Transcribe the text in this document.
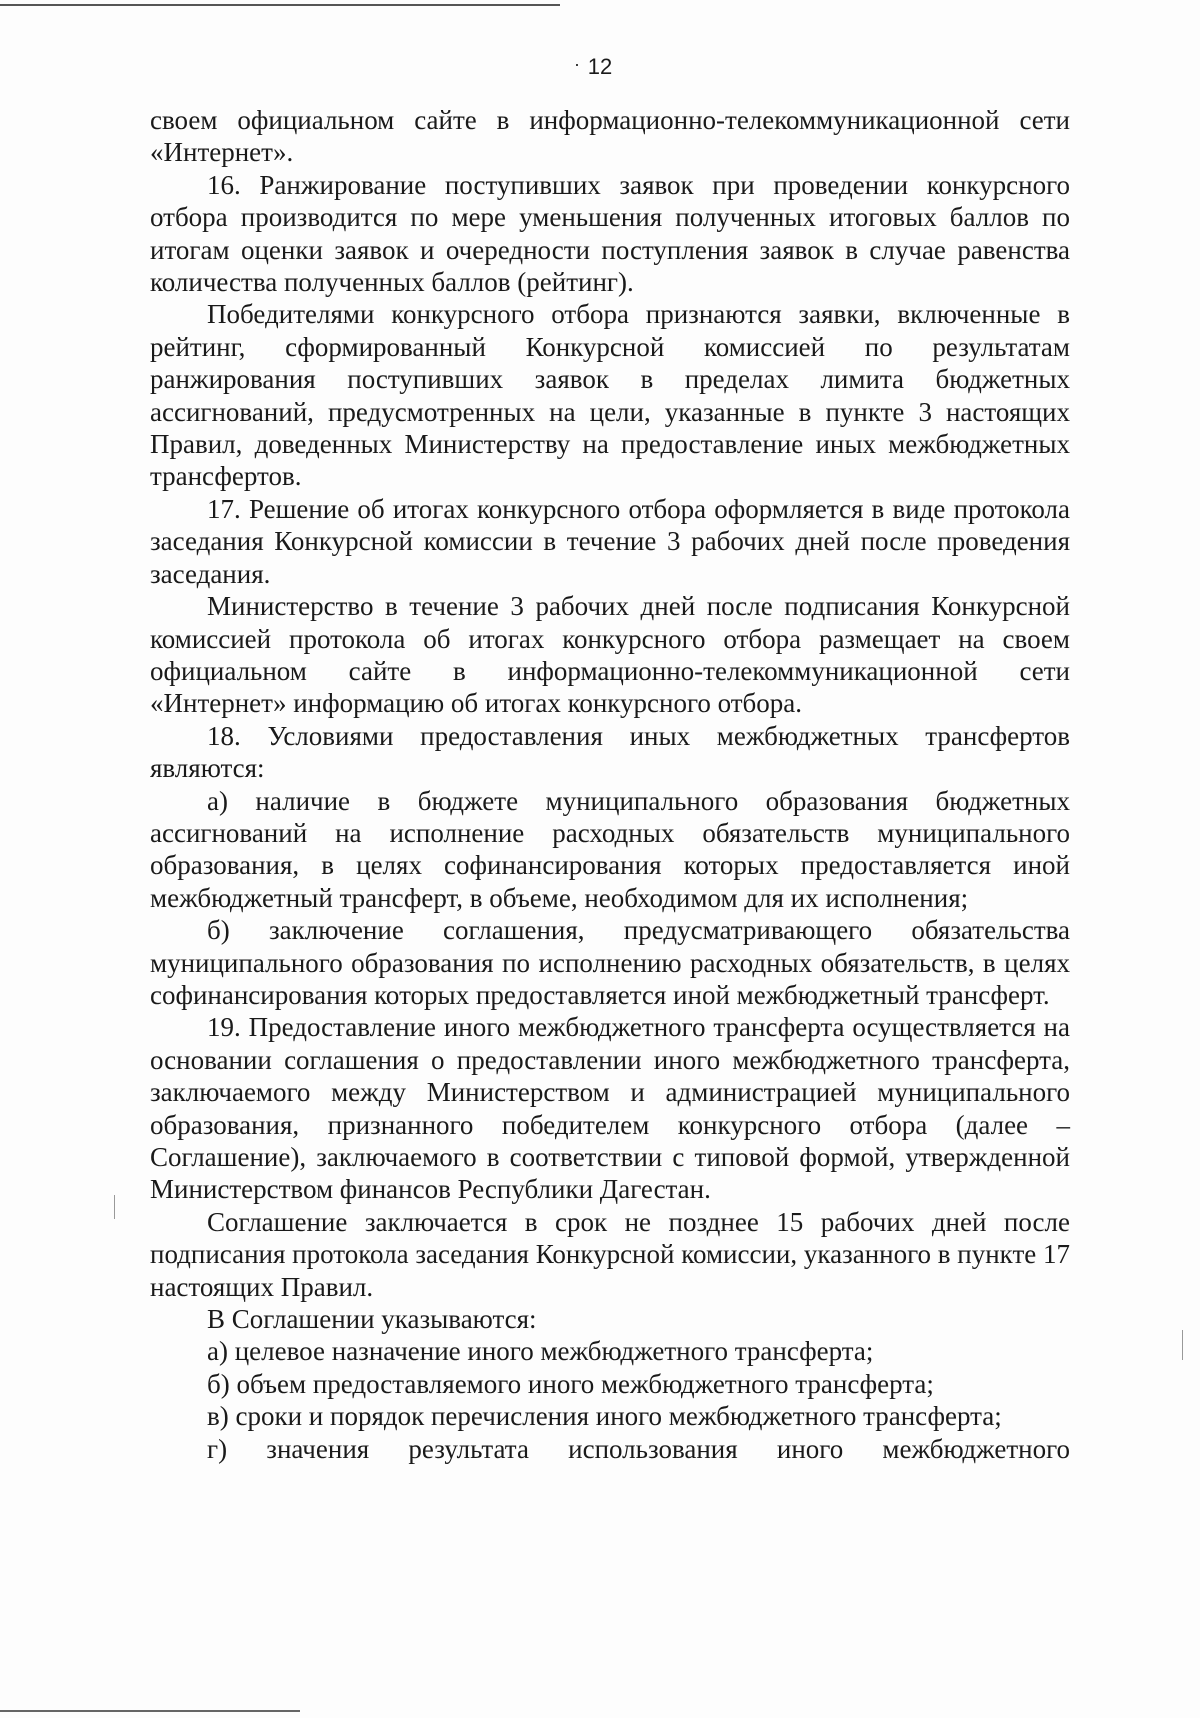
· 12

своем официальном сайте в информационно-телекоммуникационной сети «Интернет».

16. Ранжирование поступивших заявок при проведении конкурсного отбора производится по мере уменьшения полученных итоговых баллов по итогам оценки заявок и очередности поступления заявок в случае равенства количества полученных баллов (рейтинг).

Победителями конкурсного отбора признаются заявки, включенные в рейтинг, сформированный Конкурсной комиссией по результатам ранжирования поступивших заявок в пределах лимита бюджетных ассигнований, предусмотренных на цели, указанные в пункте 3 настоящих Правил, доведенных Министерству на предоставление иных межбюджетных трансфертов.

17. Решение об итогах конкурсного отбора оформляется в виде протокола заседания Конкурсной комиссии в течение 3 рабочих дней после проведения заседания.

Министерство в течение 3 рабочих дней после подписания Конкурсной комиссией протокола об итогах конкурсного отбора размещает на своем официальном сайте в информационно-телекоммуникационной сети «Интернет» информацию об итогах конкурсного отбора.

18. Условиями предоставления иных межбюджетных трансфертов являются:

а) наличие в бюджете муниципального образования бюджетных ассигнований на исполнение расходных обязательств муниципального образования, в целях софинансирования которых предоставляется иной межбюджетный трансферт, в объеме, необходимом для их исполнения;

б) заключение соглашения, предусматривающего обязательства муниципального образования по исполнению расходных обязательств, в целях софинансирования которых предоставляется иной межбюджетный трансферт.

19. Предоставление иного межбюджетного трансферта осуществляется на основании соглашения о предоставлении иного межбюджетного трансферта, заключаемого между Министерством и администрацией муниципального образования, признанного победителем конкурсного отбора (далее – Соглашение), заключаемого в соответствии с типовой формой, утвержденной Министерством финансов Республики Дагестан.

Соглашение заключается в срок не позднее 15 рабочих дней после подписания протокола заседания Конкурсной комиссии, указанного в пункте 17 настоящих Правил.

В Соглашении указываются:

а) целевое назначение иного межбюджетного трансферта;

б) объем предоставляемого иного межбюджетного трансферта;

в) сроки и порядок перечисления иного межбюджетного трансферта;

г) значения результата использования иного межбюджетного
